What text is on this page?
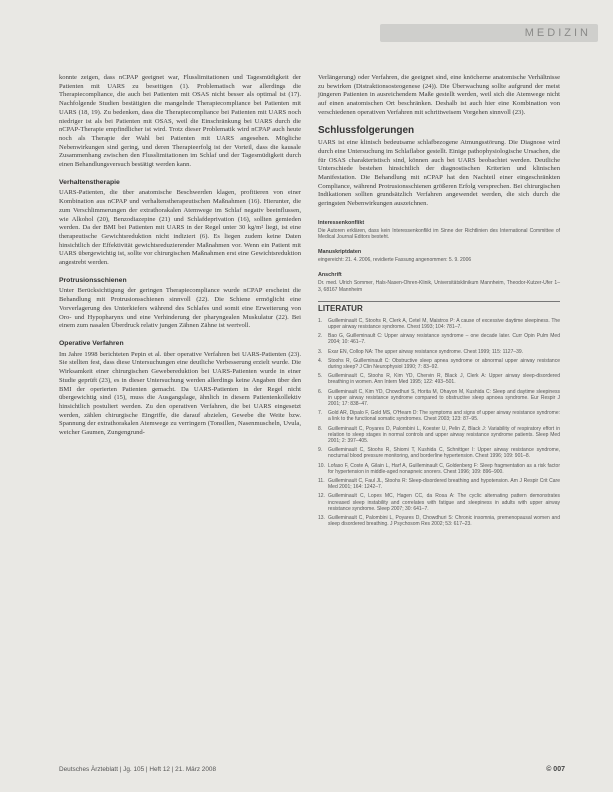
MEDIZIN

konnte zeigen, dass nCPAP geeignet war, Flusslimitationen und Tagesmüdigkeit der Patienten mit UARS zu beseitigen (1). Problematisch war allerdings die Therapiecompliance, die auch bei Patienten mit OSAS nicht besser als optimal ist (17). Nachfolgende Studien bestätigten die mangelnde Therapiecompliance bei Patienten mit UARS (18, 19). Zu bedenken, dass die Therapiecompliance bei Patienten mit UARS noch niedriger ist als bei Patienten mit OSAS, weil die Einschränkung bei UARS durch die nCPAP-Therapie empfindlicher ist wird. Trotz dieser Problematik wird nCPAP auch heute noch als Therapie der Wahl bei Patienten mit UARS angesehen. Mögliche Nebenwirkungen sind gering, und deren Therapieerfolg ist der Vorteil, dass die kausale Zusammenhang zwischen den Flusslimitationen im Schlaf und der Tagesmüdigkeit durch einen Behandlungsversuch bestätigt werden kann.

Verhaltenstherapie

UARS-Patienten, die über anatomische Beschwerden klagen, profitieren von einer Kombination aus nCPAP und verhaltenstherapeutischen Maßnahmen (16). Hierunter, die zum Verschlimmerungen der extrathorakalen Atemwege im Schlaf negativ beeinflussen, wie Alkohol (20), Benzodiazepine (21) und Schlafdeprivation (16), sollten gemieden werden. Da der BMI bei Patienten mit UARS in der Regel unter 30 kg/m² liegt, ist eine therapeutische Gewichtsreduktion nicht indiziert (6). Es liegen zudem keine Daten hinsichtlich der Effektivität gewichtsreduzierender Maßnahmen vor. Wenn ein Patient mit UARS übergewichtig ist, sollte vor chirurgischen Maßnahmen erst eine Gewichtsreduktion angestrebt werden.

Protrusionsschienen

Unter Berücksichtigung der geringen Therapiecompliance wurde nCPAP erscheint die Behandlung mit Protrusionsschienen sinnvoll (22). Die Schiene ermöglicht eine Vorverlagerung des Unterkiefers während des Schlafes und somit eine Erweiterung von Oro- und Hypopharynx und eine Verhinderung der pharyngealen Muskulatur (22). Bei einem zum nasalen Überdruck relativ jungen Zähnen Zähne ist wertvoll.

Operative Verfahren

Im Jahre 1998 berichteten Pepin et al. über operative Verfahren bei UARS-Patienten (23). Sie stellten fest, dass diese Untersuchungen eine deutliche Verbesserung erzielt wurde. Die Wirksamkeit einer chirurgischen Gewebereduktion bei UARS-Patienten wurde in einer Studie geprüft (23), es in dieser Untersuchung werden allerdings keine Angaben über den BMI der operierten Patienten gemacht. Da UARS-Patienten in der Regel nicht übergewichtig sind (15), muss die Ausgangslage, ähnlich in diesem Patientenkollektiv hinsichtlich postuliert werden. Zu den operativen Verfahren, die bei UARS eingesetzt werden, zählen chirurgische Eingriffe, die darauf abzielen, Gewebe die Weite bzw. Spannung der extrathorakalen Atemwege zu verringern (Tonsillen, Nasenmuscheln, Uvula, weicher Gaumen, Zungengrund-

Verlängerung) oder Verfahren, die geeignet sind, eine knöcherne anatomische Verhältnisse zu bewirken (Distraktionsosteogenese (24)). Die Überwachung sollte aufgrund der meist jüngeren Patienten in ausreichendem Maße gestellt werden, weil sich die Atemwege nicht auf einen anatomischen Ort beschränken. Deshalb ist auch hier eine Kombination von verschiedenen operativen Verfahren mit schrittweisem Vorgehen sinnvoll (23).

Schlussfolgerungen

UARS ist eine klinisch bedeutsame schlafbezogene Atmungsstörung. Die Diagnose wird durch eine Untersuchung im Schlaflabor gestellt. Einige pathophysiologische Ursachen, die für OSAS charakteristisch sind, können auch bei UARS beobachtet werden. Deutliche Unterschiede bestehen hinsichtlich der diagnostischen Kriterien und klinischen Manifestation. Die Behandlung mit nCPAP hat den Nachteil einer eingeschränkten Compliance, während Protrusionsschienen größeren Erfolg versprechen. Bei chirurgischen Indikationen sollten grundsätzlich Verfahren angewendet werden, die sich durch die geringsten Nebenwirkungen auszeichnen.

Interessenkonflikt
Die Autoren erklären, dass kein Interessenkonflikt im Sinne der Richtlinien des International Committee of Medical Journal Editors besteht.
Manuskriptdaten
eingereicht: 21. 4. 2006, revidierte Fassung angenommen: 5. 9. 2006
Anschrift
Dr. med. Ulrich Sommer, Hals-Nasen-Ohren-Klinik, Universitätsklinikum Mannheim, Theodor-Kutzer-Ufer 1–3, 68167 Mannheim
LITERATUR
1.	Guilleminault C, Stoohs R, Clerk A, Cetel M, Maistros P: A cause of excessive daytime sleepiness. The upper airway resistance syndrome. Chest 1993; 104: 781–7.
2.	Bao G, Guilleminault C: Upper airway resistance syndrome – one decade later. Curr Opin Pulm Med 2004; 10: 461–7.
3.	Exar EN, Collop NA: The upper airway resistance syndrome. Chest 1999; 115: 1127–39.
4.	Stoohs R, Guilleminault C: Obstructive sleep apnea syndrome or abnormal upper airway resistance during sleep? J Clin Neurophysiol 1990; 7: 83–92.
5.	Guilleminault C, Stoohs R, Kim YD, Chervin R, Black J, Clerk A: Upper airway sleep-disordered breathing in women. Ann Intern Med 1995; 122: 493–501.
6.	Guilleminault C, Kim YD, Chowdhuri S, Horita M, Ohayon M, Kushida C: Sleep and daytime sleepiness in upper airway resistance syndrome compared to obstructive sleep apnoea syndrome. Eur Respir J 2001; 17: 838–47.
7.	Gold AR, Dipalo F, Gold MS, O'Hearn D: The symptoms and signs of upper airway resistance syndrome: a link to the functional somatic syndromes. Chest 2003; 123: 87–95.
8.	Guilleminault C, Poyares D, Palombini L, Koester U, Pelin Z, Black J: Variability of respiratory effort in relation to sleep stages in normal controls and upper airway resistance syndrome patients. Sleep Med 2001; 2: 397–405.
9.	Guilleminault C, Stoohs R, Shiomi T, Kushida C, Schnittger I: Upper airway resistance syndrome, nocturnal blood pressure monitoring, and borderline hypertension. Chest 1996; 109: 901–8.
10. Lofaso F, Coste A, Gilain L, Harf A, Guilleminault C, Goldenberg F: Sleep fragmentation as a risk factor for hypertension in middle-aged nonapneic snorers. Chest 1996; 109: 896–900.
11. Guilleminault C, Faul JL, Stoohs R: Sleep-disordered breathing and hypotension. Am J Respir Crit Care Med 2001; 164: 1242–7.
12. Guilleminault C, Lopes MC, Hagen CC, da Rosa A: The cyclic alternating pattern demonstrates increased sleep instability and correlates with fatigue and sleepiness in adults with upper airway resistance syndrome. Sleep 2007; 30: 641–7.
13. Guilleminault C, Palombini L, Poyares D, Chowdhuri S: Chronic insomnia, premenopausal women and sleep disordered breathing. J Psychosom Res 2002; 53: 617–23.
Deutsches Ärzteblatt | Jg. 105 | Heft 12 | 21. März 2008	© 007
